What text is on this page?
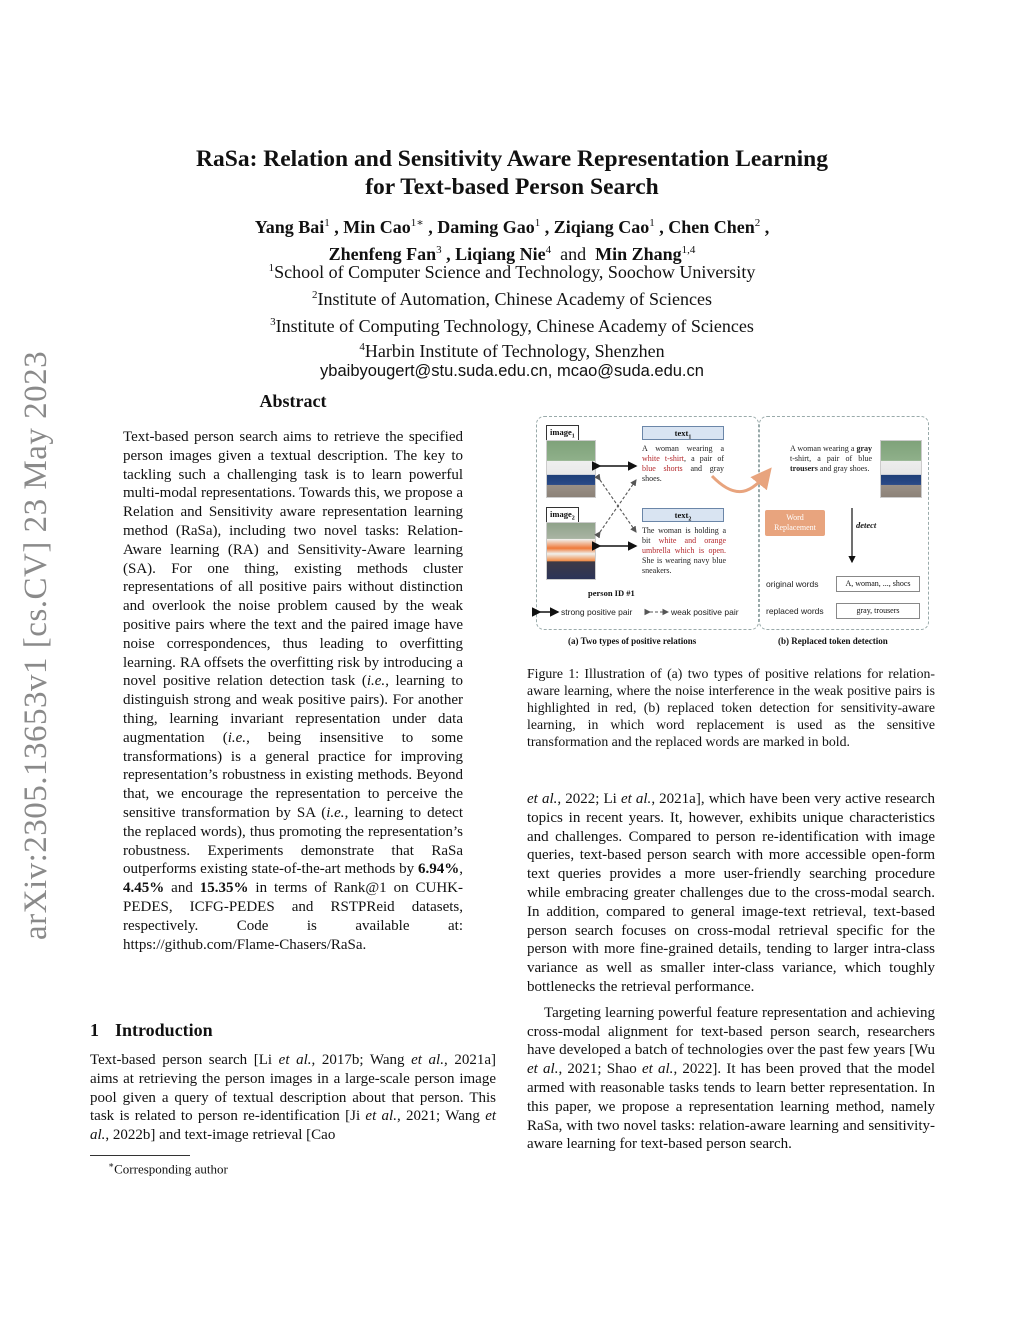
arXiv:2305.13653v1 [cs.CV] 23 May 2023
RaSa: Relation and Sensitivity Aware Representation Learning
for Text-based Person Search
Yang Bai$^1$ , Min Cao$^{1∗}$ , Daming Gao$^1$ , Ziqiang Cao$^1$ , Chen Chen$^2$ ,
Zhenfeng Fan$^3$ , Liqiang Nie$^4$ and Min Zhang$^{1,4}$
$^1$School of Computer Science and Technology, Soochow University
$^2$Institute of Automation, Chinese Academy of Sciences
$^3$Institute of Computing Technology, Chinese Academy of Sciences
$^4$Harbin Institute of Technology, Shenzhen
ybaibyougert@stu.suda.edu.cn, mcao@suda.edu.cn
Abstract
Text-based person search aims to retrieve the specified person images given a textual description. The key to tackling such a challenging task is to learn powerful multi-modal representations. Towards this, we propose a Relation and Sensitivity aware representation learning method (RaSa), including two novel tasks: Relation-Aware learning (RA) and Sensitivity-Aware learning (SA). For one thing, existing methods cluster representations of all positive pairs without distinction and overlook the noise problem caused by the weak positive pairs where the text and the paired image have noise correspondences, thus leading to overfitting learning. RA offsets the overfitting risk by introducing a novel positive relation detection task (i.e., learning to distinguish strong and weak positive pairs). For another thing, learning invariant representation under data augmentation (i.e., being insensitive to some transformations) is a general practice for improving representation’s robustness in existing methods. Beyond that, we encourage the representation to perceive the sensitive transformation by SA (i.e., learning to detect the replaced words), thus promoting the representation’s robustness. Experiments demonstrate that RaSa outperforms existing state-of-the-art methods by 6.94%, 4.45% and 15.35% in terms of Rank@1 on CUHK-PEDES, ICFG-PEDES and RSTPReid datasets, respectively. Code is available at: https://github.com/Flame-Chasers/RaSa.
1 Introduction
Text-based person search [Li et al., 2017b; Wang et al., 2021a] aims at retrieving the person images in a large-scale person image pool given a query of textual description about that person. This task is related to person re-identification [Ji et al., 2021; Wang et al., 2022b] and text-image retrieval [Cao
∗Corresponding author
image$_1$
image$_2$
text$_1$
A woman wearing a white t-shirt, a pair of blue shorts and gray shoes.
text$_2$
The woman is holding a bit white and orange umbrella which is open. She is wearing navy blue sneakers.
person ID #1
strong positive pair	weak positive pair
A woman wearing a gray t-shirt, a pair of blue trousers and gray shoes.
Word Replacement	detect
original words	A, woman, ..., shocs
replaced words	gray, trousers
(a) Two types of positive relations	(b) Replaced token detection
Figure 1: Illustration of (a) two types of positive relations for relation-aware learning, where the noise interference in the weak positive pairs is highlighted in red, (b) replaced token detection for sensitivity-aware learning, in which word replacement is used as the sensitive transformation and the replaced words are marked in bold.

et al., 2022; Li et al., 2021a], which have been very active research topics in recent years. It, however, exhibits unique characteristics and challenges. Compared to person re-identification with image queries, text-based person search with more accessible open-form text queries provides a more user-friendly searching procedure while embracing greater challenges due to the cross-modal search. In addition, compared to general image-text retrieval, text-based person search focuses on cross-modal retrieval specific for the person with more fine-grained details, tending to larger intra-class variance as well as smaller inter-class variance, which toughly bottlenecks the retrieval performance.

Targeting learning powerful feature representation and achieving cross-modal alignment for text-based person search, researchers have developed a batch of technologies over the past few years [Wu et al., 2021; Shao et al., 2022]. It has been proved that the model armed with reasonable tasks tends to learn better representation. In this paper, we propose a representation learning method, namely RaSa, with two novel tasks: relation-aware learning and sensitivity-aware learning for text-based person search.
